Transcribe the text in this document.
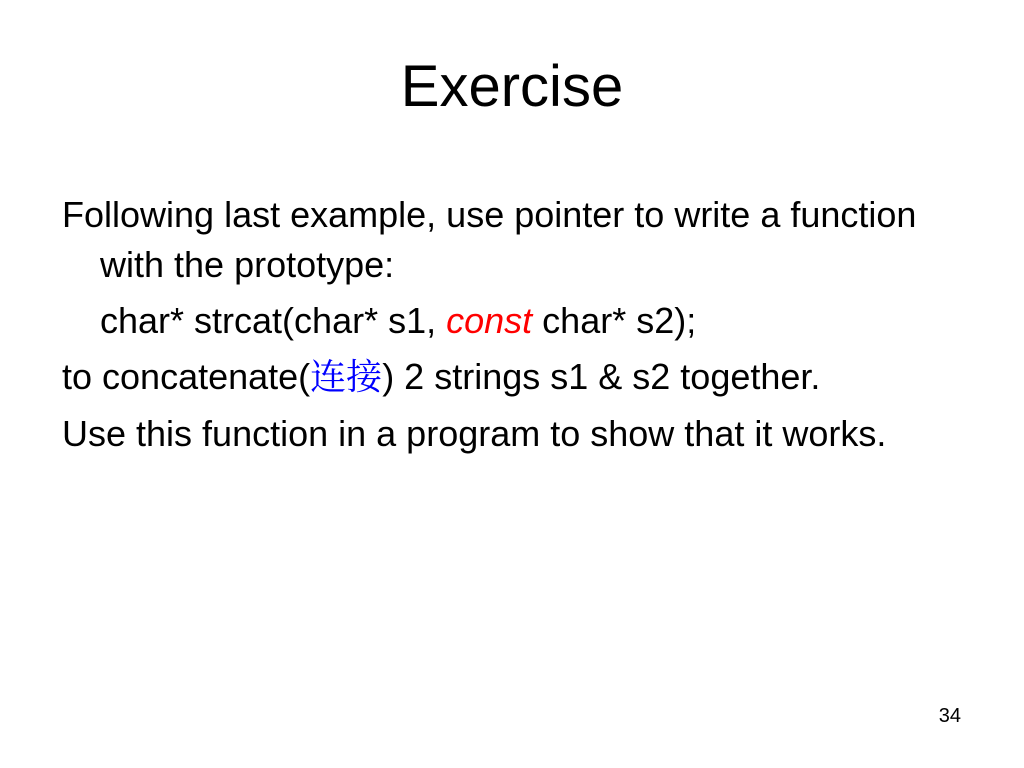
Exercise

Following last example, use pointer to write a function with the prototype:

char* strcat(char* s1, const char* s2);

to concatenate(连接) 2 strings s1 & s2 together.

Use this function in a program to show that it works.

34
